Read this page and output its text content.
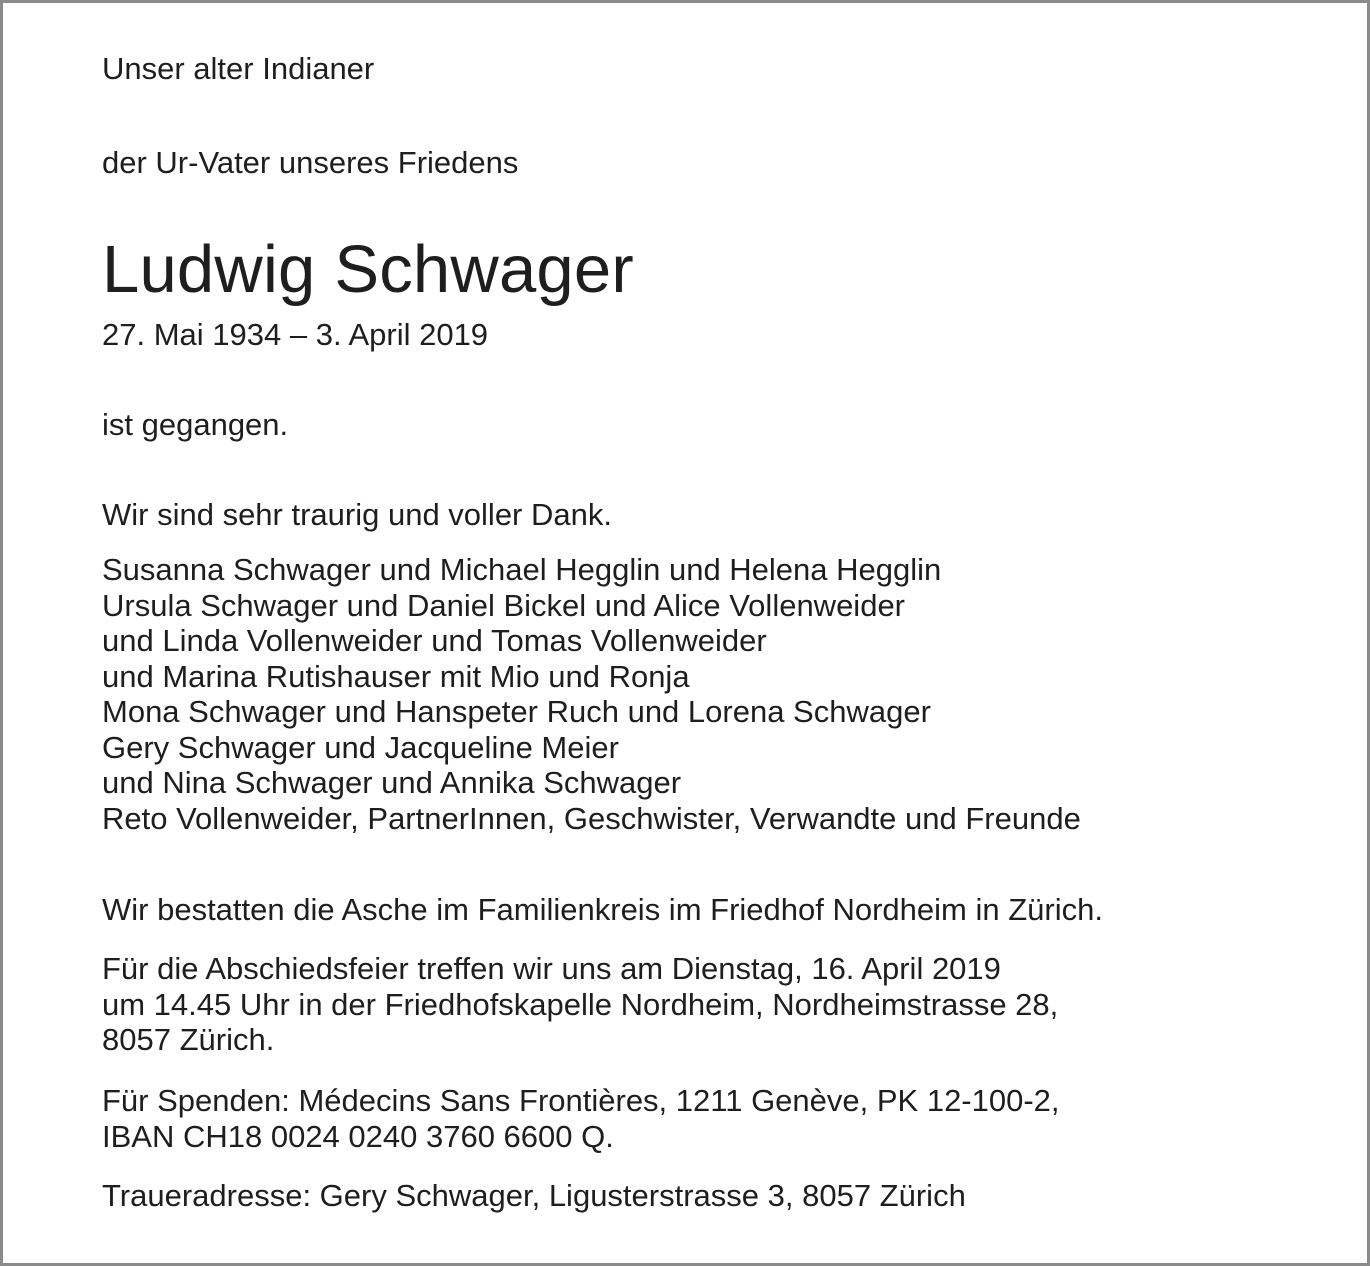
Unser alter Indianer

der Ur-Vater unseres Friedens

Ludwig Schwager

27. Mai 1934 – 3. April 2019

ist gegangen.

Wir sind sehr traurig und voller Dank.

Susanna Schwager und Michael Hegglin und Helena Hegglin
Ursula Schwager und Daniel Bickel und Alice Vollenweider
und Linda Vollenweider und Tomas Vollenweider
und Marina Rutishauser mit Mio und Ronja
Mona Schwager und Hanspeter Ruch und Lorena Schwager
Gery Schwager und Jacqueline Meier
und Nina Schwager und Annika Schwager
Reto Vollenweider, PartnerInnen, Geschwister, Verwandte und Freunde

Wir bestatten die Asche im Familienkreis im Friedhof Nordheim in Zürich.

Für die Abschiedsfeier treffen wir uns am Dienstag, 16. April 2019
um 14.45 Uhr in der Friedhofskapelle Nordheim, Nordheimstrasse 28,
8057 Zürich.
Für Spenden: Médecins Sans Frontières, 1211 Genève, PK 12-100-2,
IBAN CH18 0024 0240 3760 6600 Q.

Traueradresse: Gery Schwager, Ligusterstrasse 3, 8057 Zürich
